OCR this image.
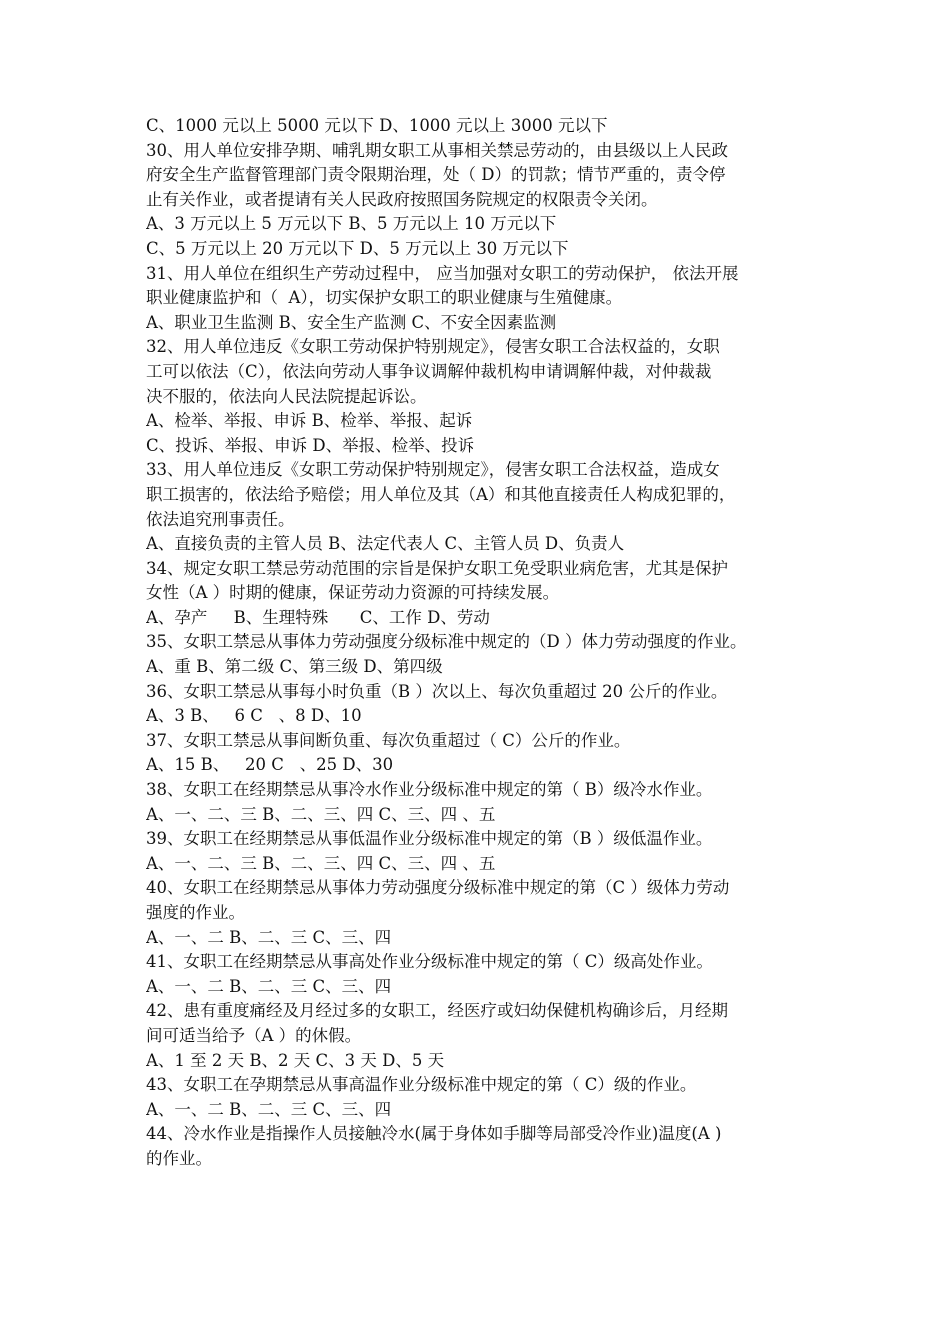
C、1000 元以上 5000 元以下 D、1000 元以上 3000 元以下
30、用人单位安排孕期、哺乳期女职工从事相关禁忌劳动的，由县级以上人民政
府安全生产监督管理部门责令限期治理，处（ D）的罚款；情节严重的，责令停
止有关作业，或者提请有关人民政府按照国务院规定的权限责令关闭。
A、3 万元以上 5 万元以下 B、5 万元以上 10 万元以下
C、5 万元以上 20 万元以下 D、5 万元以上 30 万元以下
31、用人单位在组织生产劳动过程中， 应当加强对女职工的劳动保护， 依法开展
职业健康监护和（  A），切实保护女职工的职业健康与生殖健康。
A、职业卫生监测 B、安全生产监测 C、不安全因素监测
32、用人单位违反《女职工劳动保护特别规定》，侵害女职工合法权益的，女职
工可以依法（C），依法向劳动人事争议调解仲裁机构申请调解仲裁，对仲裁裁
决不服的，依法向人民法院提起诉讼。
A、检举、举报、申诉 B、检举、举报、起诉
C、投诉、举报、申诉 D、举报、检举、投诉
33、用人单位违反《女职工劳动保护特别规定》，侵害女职工合法权益，造成女
职工损害的，依法给予赔偿；用人单位及其（A）和其他直接责任人构成犯罪的，
依法追究刑事责任。
A、直接负责的主管人员 B、法定代表人 C、主管人员 D、负责人
34、规定女职工禁忌劳动范围的宗旨是保护女职工免受职业病危害，尤其是保护
女性（A ）时期的健康，保证劳动力资源的可持续发展。
A、孕产     B、生理特殊      C、工作 D、劳动
35、女职工禁忌从事体力劳动强度分级标准中规定的（D ）体力劳动强度的作业。
A、重 B、第二级 C、第三级 D、第四级
36、女职工禁忌从事每小时负重（B ）次以上、每次负重超过 20 公斤的作业。
A、3 B、   6 C   、8 D、10
37、女职工禁忌从事间断负重、每次负重超过（ C）公斤的作业。
A、15 B、   20 C   、25 D、30
38、女职工在经期禁忌从事冷水作业分级标准中规定的第（ B）级冷水作业。
A、一、二、三 B、二、三、四 C、三、四 、五
39、女职工在经期禁忌从事低温作业分级标准中规定的第（B ）级低温作业。
A、一、二、三 B、二、三、四 C、三、四 、五
40、女职工在经期禁忌从事体力劳动强度分级标准中规定的第（C ）级体力劳动
强度的作业。
A、一、二 B、二、三 C、三、四
41、女职工在经期禁忌从事高处作业分级标准中规定的第（ C）级高处作业。
A、一、二 B、二、三 C、三、四
42、患有重度痛经及月经过多的女职工，经医疗或妇幼保健机构确诊后，月经期
间可适当给予（A ）的休假。
A、1 至 2 天 B、2 天 C、3 天 D、5 天
43、女职工在孕期禁忌从事高温作业分级标准中规定的第（ C）级的作业。
A、一、二 B、二、三 C、三、四
44、冷水作业是指操作人员接触冷水(属于身体如手脚等局部受冷作业)温度(A )
的作业。
